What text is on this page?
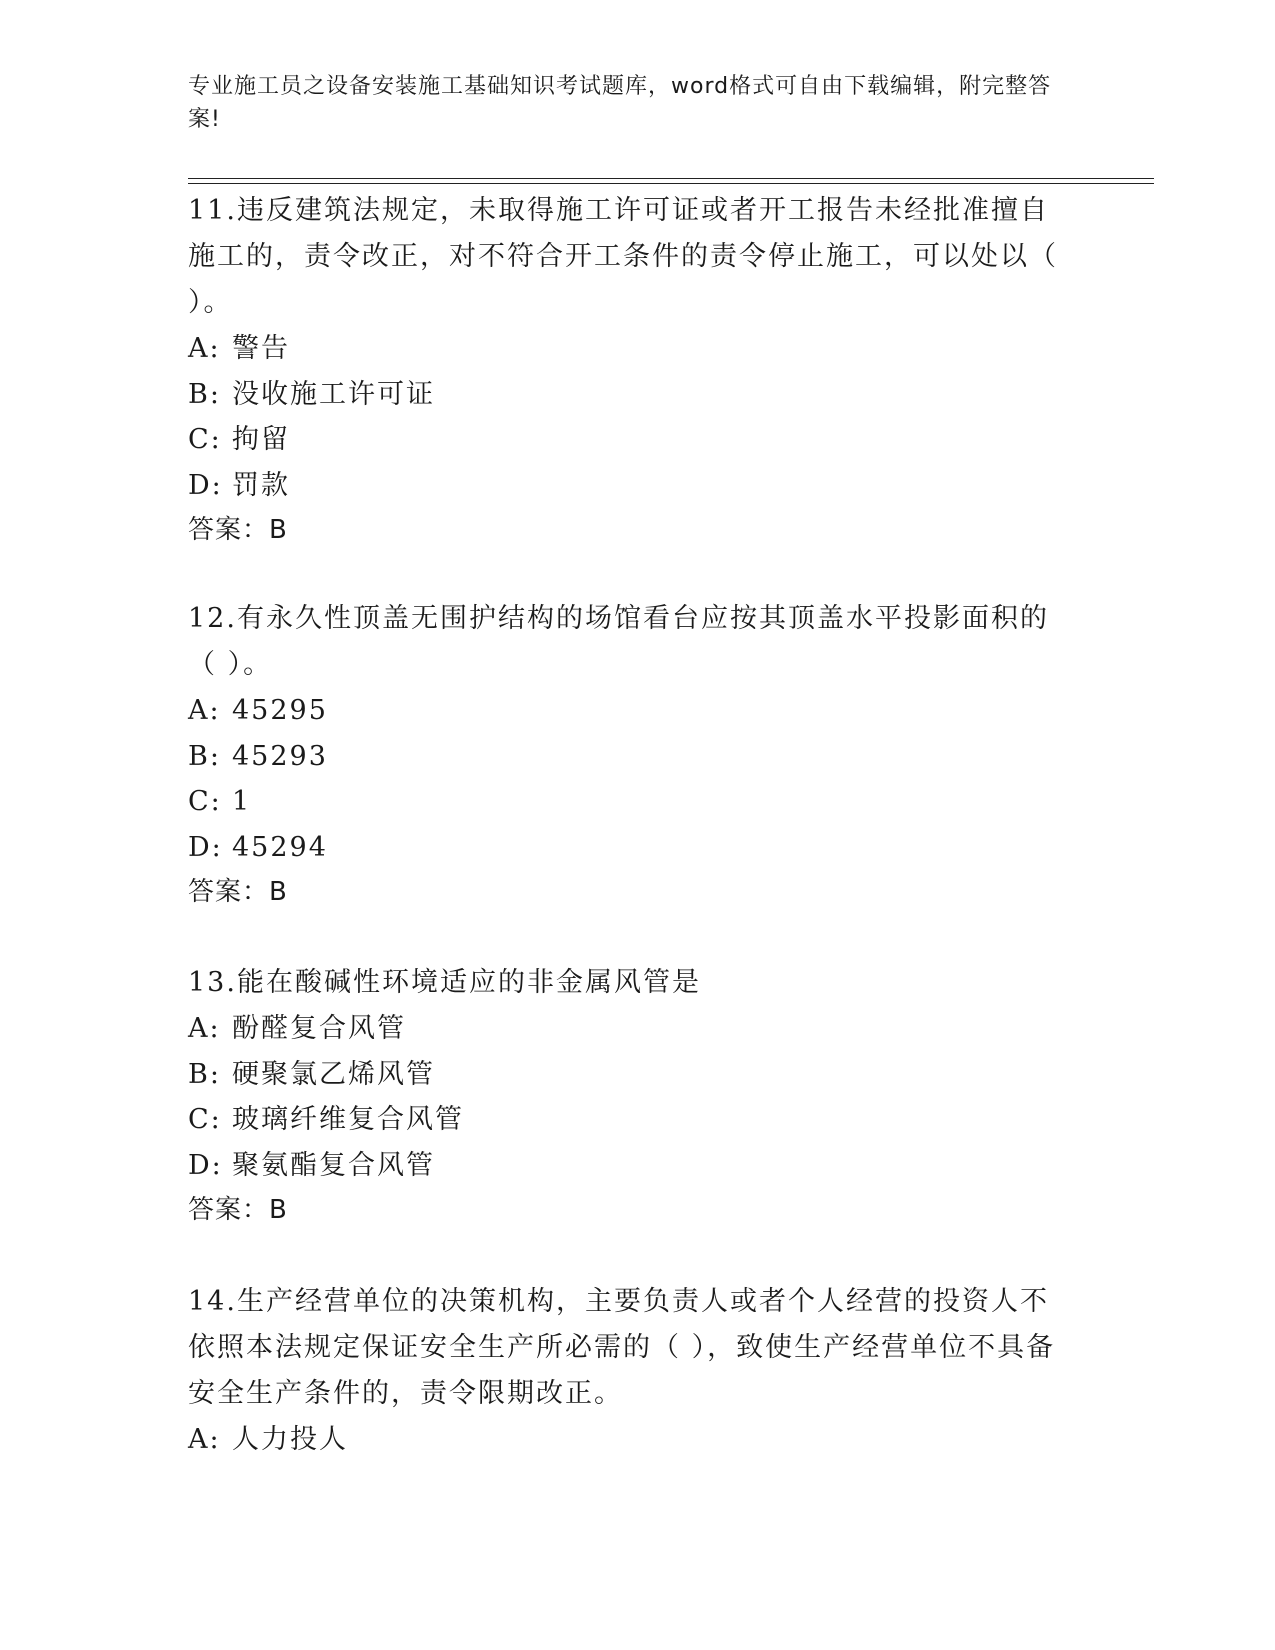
专业施工员之设备安装施工基础知识考试题库，word格式可自由下载编辑，附完整答案!
11.违反建筑法规定，未取得施工许可证或者开工报告未经批准擅自施工的，责令改正，对不符合开工条件的责令停止施工，可以处以（ ）。
A: 警告
B: 没收施工许可证
C: 拘留
D: 罚款
答案：B
12.有永久性顶盖无围护结构的场馆看台应按其顶盖水平投影面积的（ ）。
A: 45295
B: 45293
C: 1
D: 45294
答案：B
13.能在酸碱性环境适应的非金属风管是
A: 酚醛复合风管
B: 硬聚氯乙烯风管
C: 玻璃纤维复合风管
D: 聚氨酯复合风管
答案：B
14.生产经营单位的决策机构，主要负责人或者个人经营的投资人不依照本法规定保证安全生产所必需的（ ），致使生产经营单位不具备安全生产条件的，责令限期改正。
A: 人力投人
